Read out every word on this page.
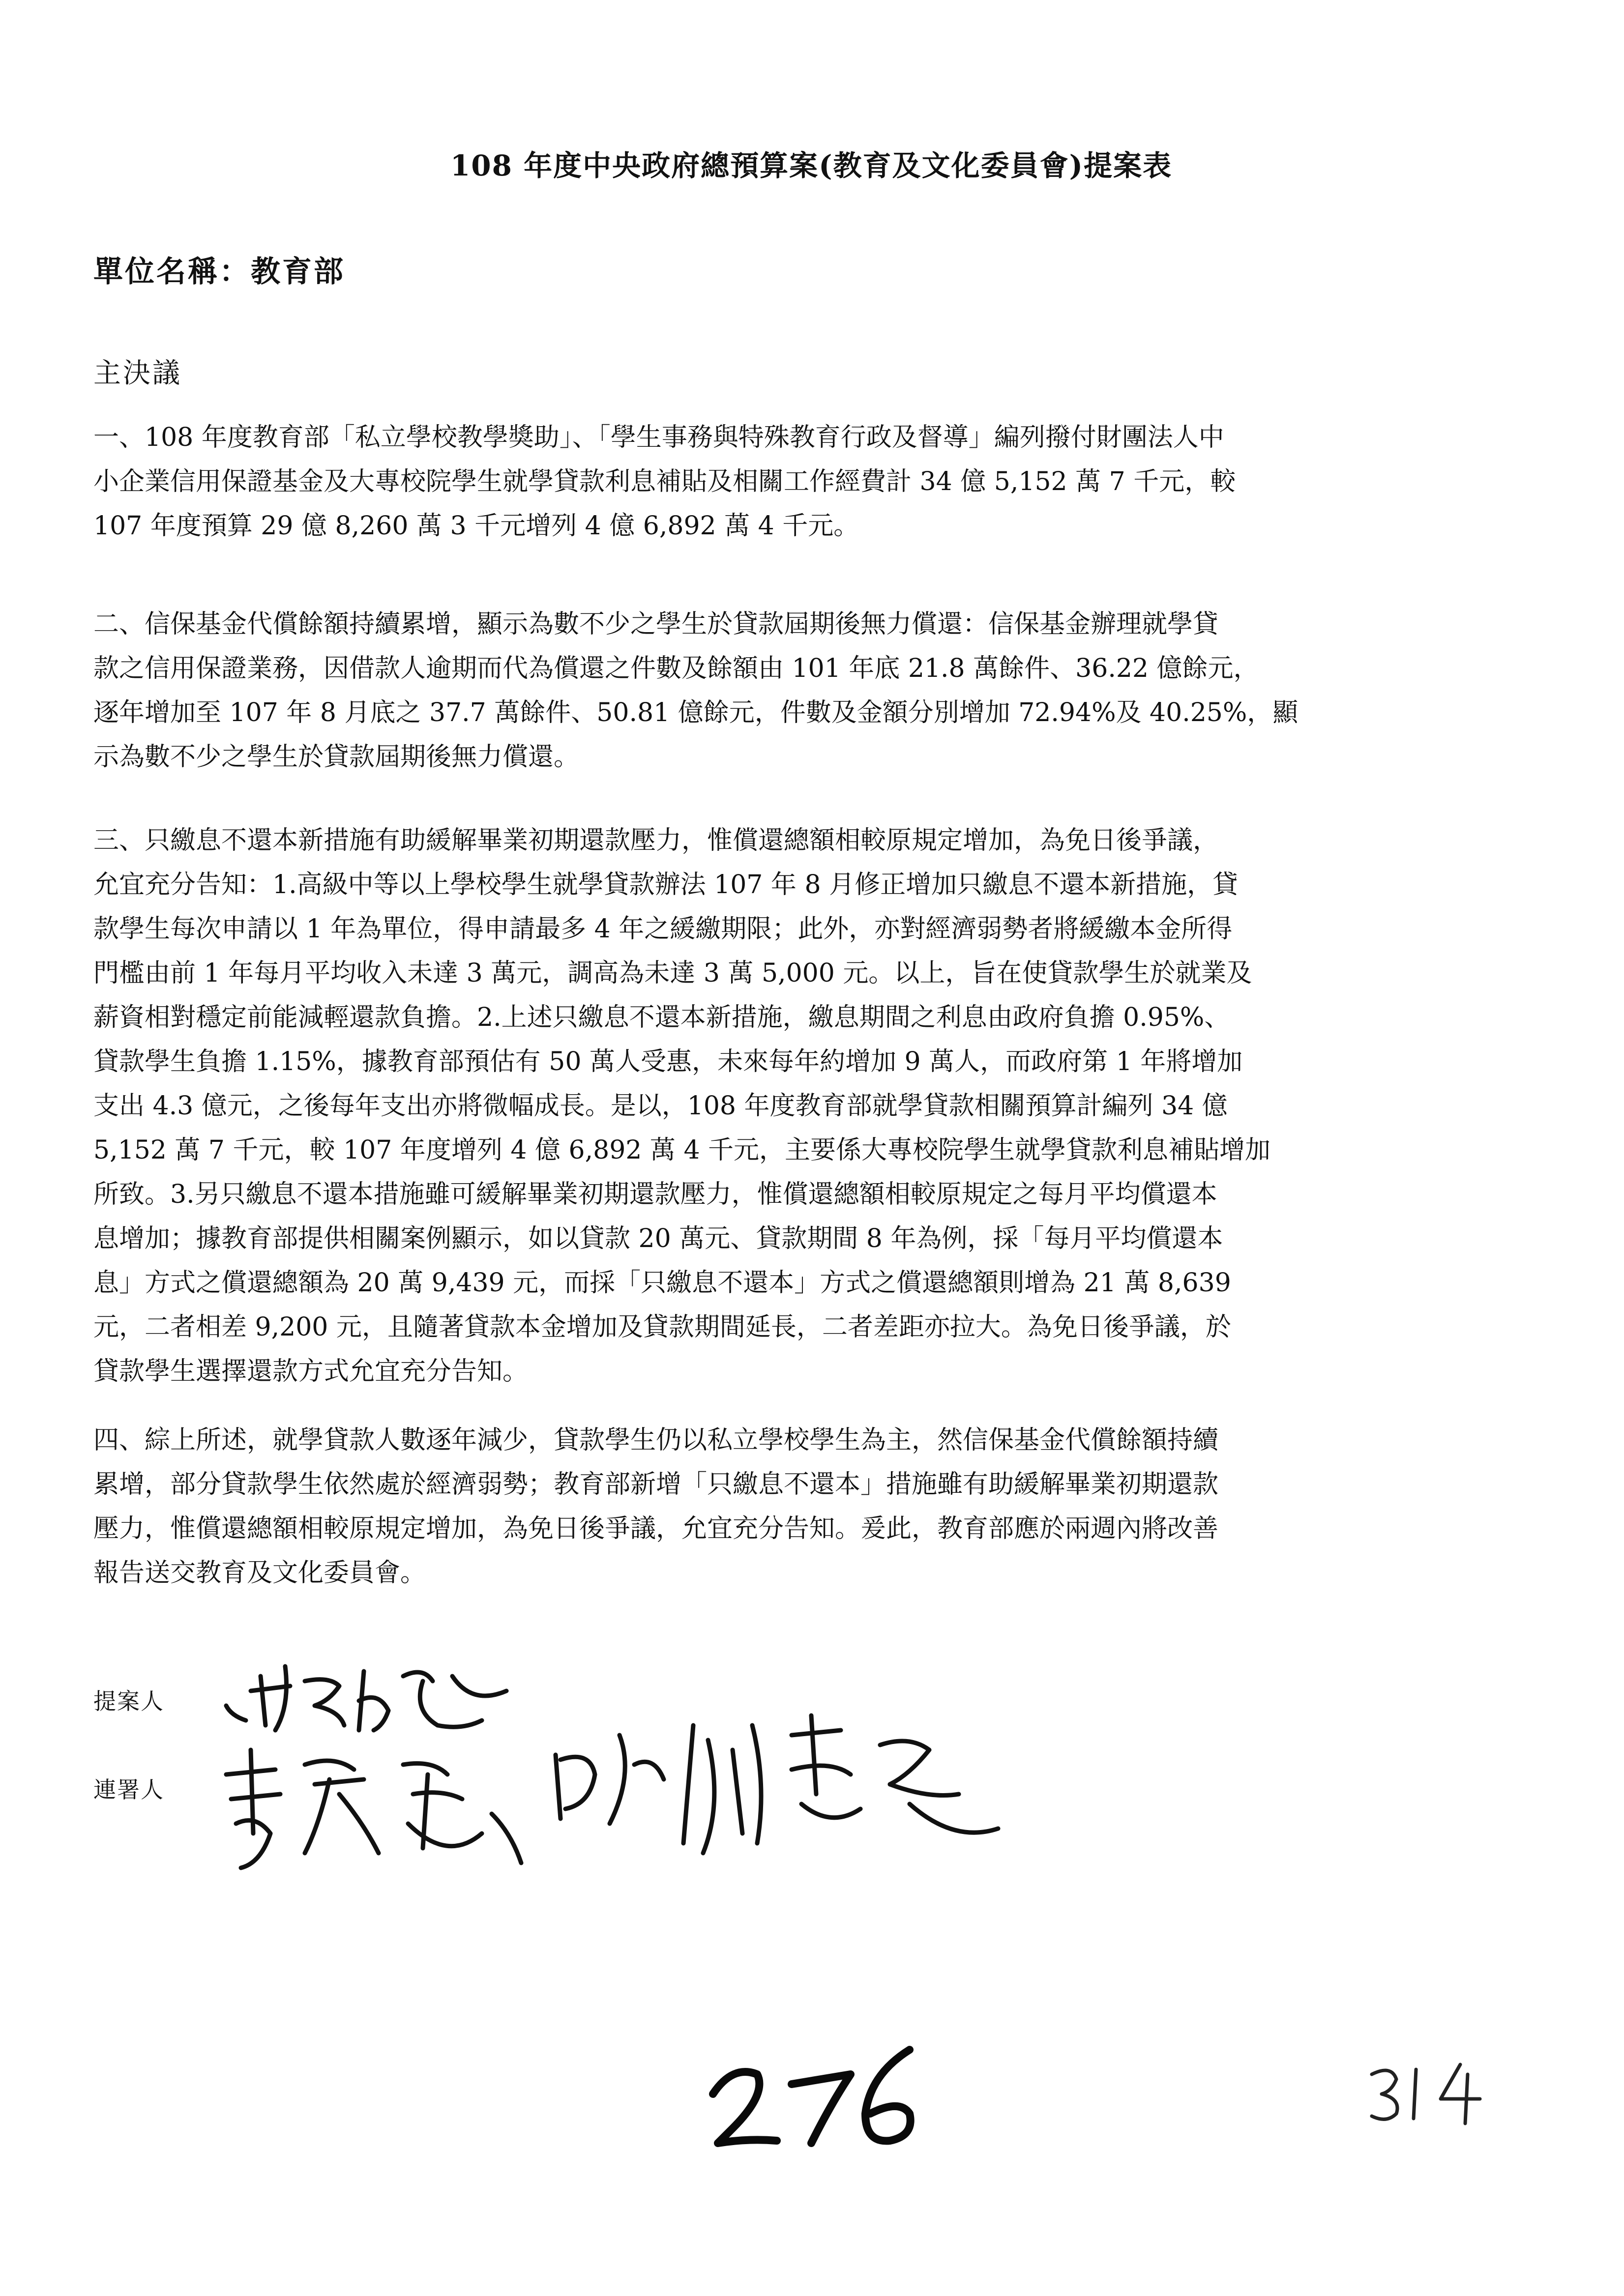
108 年度中央政府總預算案(教育及文化委員會)提案表
單位名稱：教育部
主決議
一、108 年度教育部「私立學校教學獎助」、「學生事務與特殊教育行政及督導」編列撥付財團法人中
小企業信用保證基金及大專校院學生就學貸款利息補貼及相關工作經費計 34 億 5,152 萬 7 千元，較
107 年度預算 29 億 8,260 萬 3 千元增列 4 億 6,892 萬 4 千元。
二、信保基金代償餘額持續累增，顯示為數不少之學生於貸款屆期後無力償還：信保基金辦理就學貸
款之信用保證業務，因借款人逾期而代為償還之件數及餘額由 101 年底 21.8 萬餘件、36.22 億餘元，
逐年增加至 107 年 8 月底之 37.7 萬餘件、50.81 億餘元，件數及金額分別增加 72.94%及 40.25%，顯
示為數不少之學生於貸款屆期後無力償還。
三、只繳息不還本新措施有助緩解畢業初期還款壓力，惟償還總額相較原規定增加，為免日後爭議，
允宜充分告知：1.高級中等以上學校學生就學貸款辦法 107 年 8 月修正增加只繳息不還本新措施，貸
款學生每次申請以 1 年為單位，得申請最多 4 年之緩繳期限；此外，亦對經濟弱勢者將緩繳本金所得
門檻由前 1 年每月平均收入未達 3 萬元，調高為未達 3 萬 5,000 元。以上，旨在使貸款學生於就業及
薪資相對穩定前能減輕還款負擔。2.上述只繳息不還本新措施，繳息期間之利息由政府負擔 0.95%、
貸款學生負擔 1.15%，據教育部預估有 50 萬人受惠，未來每年約增加 9 萬人，而政府第 1 年將增加
支出 4.3 億元，之後每年支出亦將微幅成長。是以，108 年度教育部就學貸款相關預算計編列 34 億
5,152 萬 7 千元，較 107 年度增列 4 億 6,892 萬 4 千元，主要係大專校院學生就學貸款利息補貼增加
所致。3.另只繳息不還本措施雖可緩解畢業初期還款壓力，惟償還總額相較原規定之每月平均償還本
息增加；據教育部提供相關案例顯示，如以貸款 20 萬元、貸款期間 8 年為例，採「每月平均償還本
息」方式之償還總額為 20 萬 9,439 元，而採「只繳息不還本」方式之償還總額則增為 21 萬 8,639
元，二者相差 9,200 元，且隨著貸款本金增加及貸款期間延長，二者差距亦拉大。為免日後爭議，於
貸款學生選擇還款方式允宜充分告知。
四、綜上所述，就學貸款人數逐年減少，貸款學生仍以私立學校學生為主，然信保基金代償餘額持續
累增，部分貸款學生依然處於經濟弱勢；教育部新增「只繳息不還本」措施雖有助緩解畢業初期還款
壓力，惟償還總額相較原規定增加，為免日後爭議，允宜充分告知。爰此，教育部應於兩週內將改善
報告送交教育及文化委員會。
提案人
連署人
